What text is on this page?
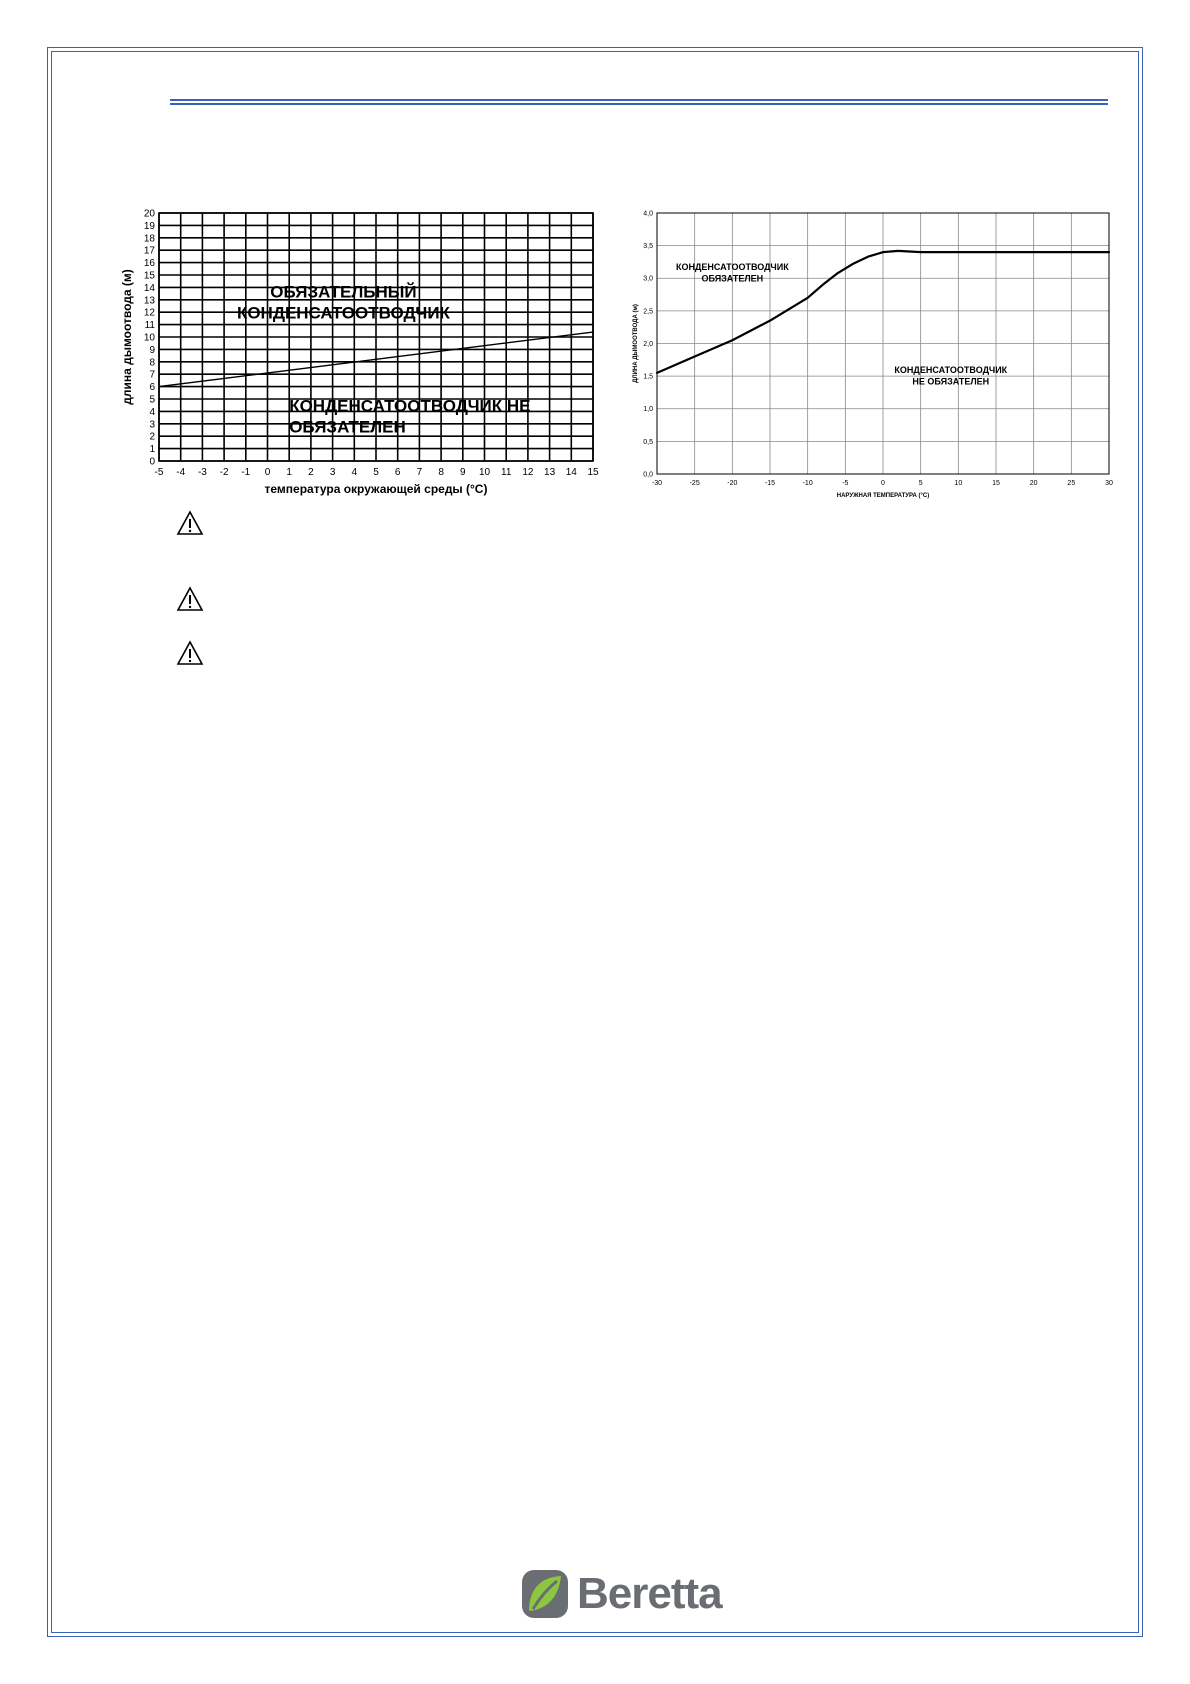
-5 -4 -3 -2 -1 0 1 2 3 4 5 6 7 8 9 10 11 12 13 14 15
0
1
2
3
4
5
6
7
8
9
10
11
12
13
14
15
16
17
18
19
20
температура окружающей среды (°C)
длина дымоотвода (м)	ОБЯЗАТЕЛЬНЫЙ
КОНДЕНСАТООТВОДЧИК
КОНДЕНСАТООТВОДЧИК НЕ
ОБЯЗАТЕЛЕН
-30	-25	-20	-15	-10	-5	0	5	10	15	20	25	30
0,0
0,5
1,0
1,5
2,0
2,5
3,0
3,5
4,0
НАРУЖНАЯ ТЕМПЕРАТУРА (°C)
ДЛИНА ДЫМООТВОДА (м)
КОНДЕНСАТООТВОДЧИК
ОБЯЗАТЕЛЕН
КОНДЕНСАТООТВОДЧИК
НЕ ОБЯЗАТЕЛЕН
Beretta
